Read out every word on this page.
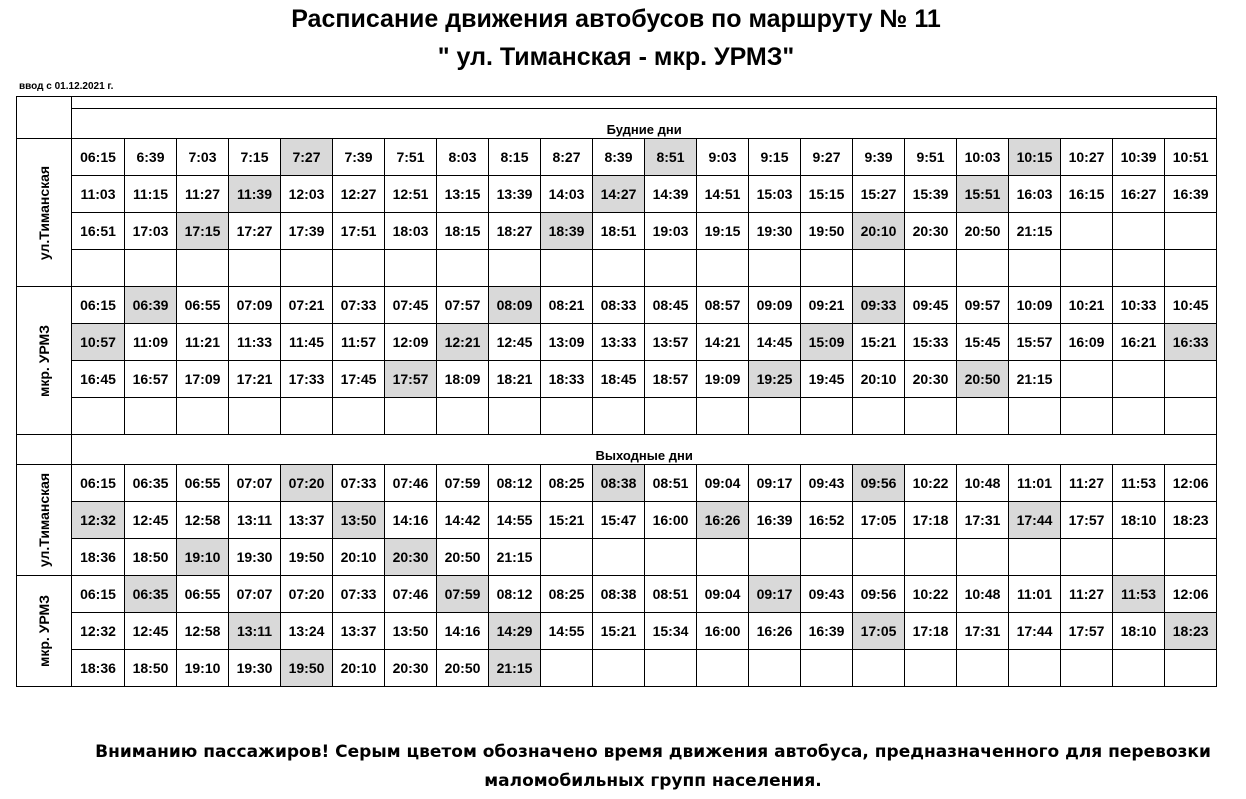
Расписание движения автобусов по маршруту № 11
" ул. Тиманская - мкр. УРМЗ"
ввод с 01.12.2021 г.

	Будние дни																					

ул.Тиманская	06:15	6:39	7:03	7:15	7:27	7:39	7:51	8:03	8:15	8:27	8:39	8:51	9:03	9:15	9:27	9:39	9:51	10:03	10:15	10:27	10:39	10:51
	11:03	11:15	11:27	11:39	12:03	12:27	12:51	13:15	13:39	14:03	14:27	14:39	14:51	15:03	15:15	15:27	15:39	15:51	16:03	16:15	16:27	16:39
	16:51	17:03	17:15	17:27	17:39	17:51	18:03	18:15	18:27	18:39	18:51	19:03	19:15	19:30	19:50	20:10	20:30	20:50	21:15			

мкр. УРМЗ	06:15	06:39	06:55	07:09	07:21	07:33	07:45	07:57	08:09	08:21	08:33	08:45	08:57	09:09	09:21	09:33	09:45	09:57	10:09	10:21	10:33	10:45
	10:57	11:09	11:21	11:33	11:45	11:57	12:09	12:21	12:45	13:09	13:33	13:57	14:21	14:45	15:09	15:21	15:33	15:45	15:57	16:09	16:21	16:33
	16:45	16:57	17:09	17:21	17:33	17:45	17:57	18:09	18:21	18:33	18:45	18:57	19:09	19:25	19:45	20:10	20:30	20:50	21:15			

	Выходные дни																					

ул.Тиманская	06:15	06:35	06:55	07:07	07:20	07:33	07:46	07:59	08:12	08:25	08:38	08:51	09:04	09:17	09:43	09:56	10:22	10:48	11:01	11:27	11:53	12:06
	12:32	12:45	12:58	13:11	13:37	13:50	14:16	14:42	14:55	15:21	15:47	16:00	16:26	16:39	16:52	17:05	17:18	17:31	17:44	17:57	18:10	18:23
	18:36	18:50	19:10	19:30	19:50	20:10	20:30	20:50	21:15													

мкр. УРМЗ	06:15	06:35	06:55	07:07	07:20	07:33	07:46	07:59	08:12	08:25	08:38	08:51	09:04	09:17	09:43	09:56	10:22	10:48	11:01	11:27	11:53	12:06
	12:32	12:45	12:58	13:11	13:24	13:37	13:50	14:16	14:29	14:55	15:21	15:34	16:00	16:26	16:39	17:05	17:18	17:31	17:44	17:57	18:10	18:23
	18:36	18:50	19:10	19:30	19:50	20:10	20:30	20:50	21:15													
Вниманию пассажиров! Серым цветом обозначено время движения автобуса, предназначенного для перевозки
маломобильных групп населения.
